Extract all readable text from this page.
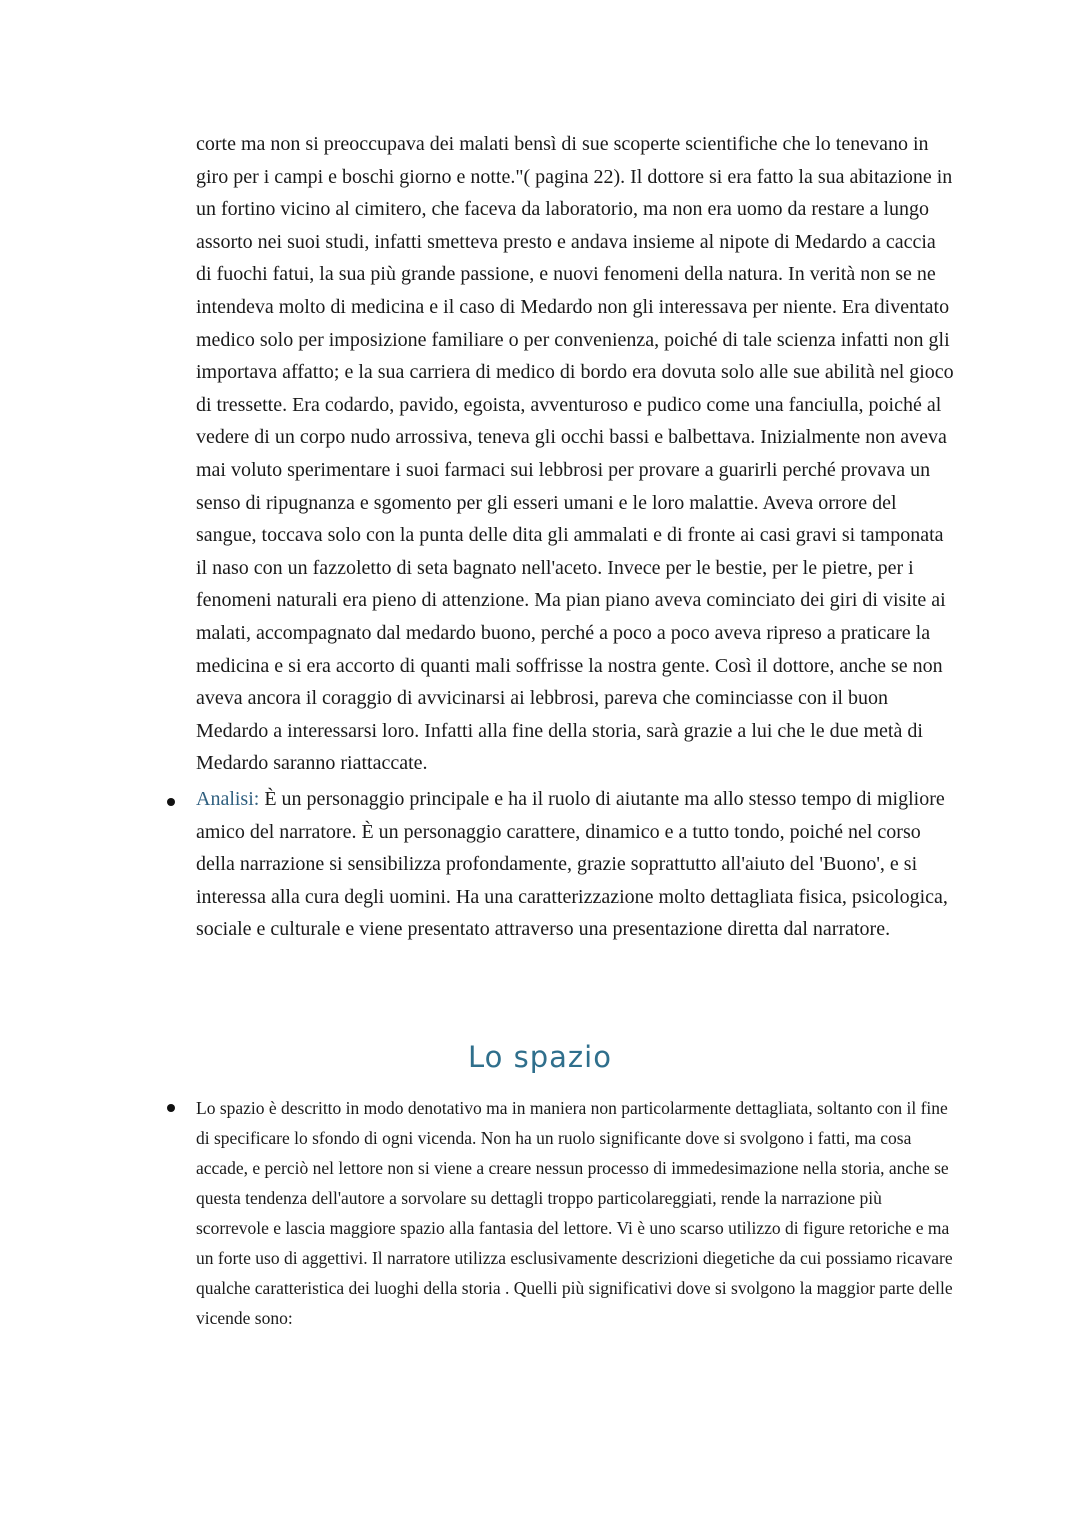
corte ma non si preoccupava dei malati bensì di sue scoperte scientifiche che lo tenevano in giro per i campi e boschi giorno e notte."( pagina 22). Il dottore si era fatto la sua abitazione in un fortino vicino al cimitero, che faceva da laboratorio, ma non era uomo da restare a lungo assorto nei suoi studi, infatti smetteva presto e andava insieme al nipote di Medardo a caccia di fuochi fatui, la sua più grande passione, e nuovi fenomeni della natura. In verità non se ne intendeva molto di medicina e il caso di Medardo non gli interessava per niente. Era diventato medico solo per imposizione familiare o per convenienza, poiché di tale scienza infatti non gli importava affatto; e la sua carriera di medico di bordo era dovuta solo alle sue abilità nel gioco di tressette. Era codardo, pavido, egoista, avventuroso e pudico come una fanciulla, poiché al vedere di un corpo nudo arrossiva, teneva gli occhi bassi e balbettava. Inizialmente non aveva mai voluto sperimentare i suoi farmaci sui lebbrosi per provare a guarirli perché provava un senso di ripugnanza e sgomento per gli esseri umani e le loro malattie. Aveva orrore del sangue, toccava solo con la punta delle dita gli ammalati e di fronte ai casi gravi si tamponata il naso con un fazzoletto di seta bagnato nell'aceto. Invece per le bestie, per le pietre, per i fenomeni naturali era pieno di attenzione. Ma pian piano aveva cominciato dei giri di visite ai malati, accompagnato dal medardo buono, perché a poco a poco aveva ripreso a praticare la medicina e si era accorto di quanti mali soffrisse la nostra gente. Così il dottore, anche se non aveva ancora il coraggio di avvicinarsi ai lebbrosi, pareva che cominciasse con il buon Medardo a interessarsi loro. Infatti alla fine della storia, sarà grazie a lui che le due metà di Medardo saranno riattaccate.

Analisi: È un personaggio principale e ha il ruolo di aiutante ma allo stesso tempo di migliore amico del narratore. È un personaggio carattere, dinamico e a tutto tondo, poiché nel corso della narrazione si sensibilizza profondamente, grazie soprattutto all'aiuto del 'Buono', e si interessa alla cura degli uomini. Ha una caratterizzazione molto dettagliata fisica, psicologica, sociale e culturale e viene presentato attraverso una presentazione diretta dal narratore.

Lo spazio

Lo spazio è descritto in modo denotativo ma in maniera non particolarmente dettagliata, soltanto con il fine di specificare lo sfondo di ogni vicenda. Non ha un ruolo significante dove si svolgono i fatti, ma cosa accade, e perciò nel lettore non si viene a creare nessun processo di immedesimazione nella storia, anche se questa tendenza dell'autore a sorvolare su dettagli troppo particolareggiati, rende la narrazione più scorrevole e lascia maggiore spazio alla fantasia del lettore. Vi è uno scarso utilizzo di figure retoriche e ma un forte uso di aggettivi. Il narratore utilizza esclusivamente descrizioni diegetiche da cui possiamo ricavare qualche caratteristica dei luoghi della storia . Quelli più significativi dove si svolgono la maggior parte delle vicende sono:
